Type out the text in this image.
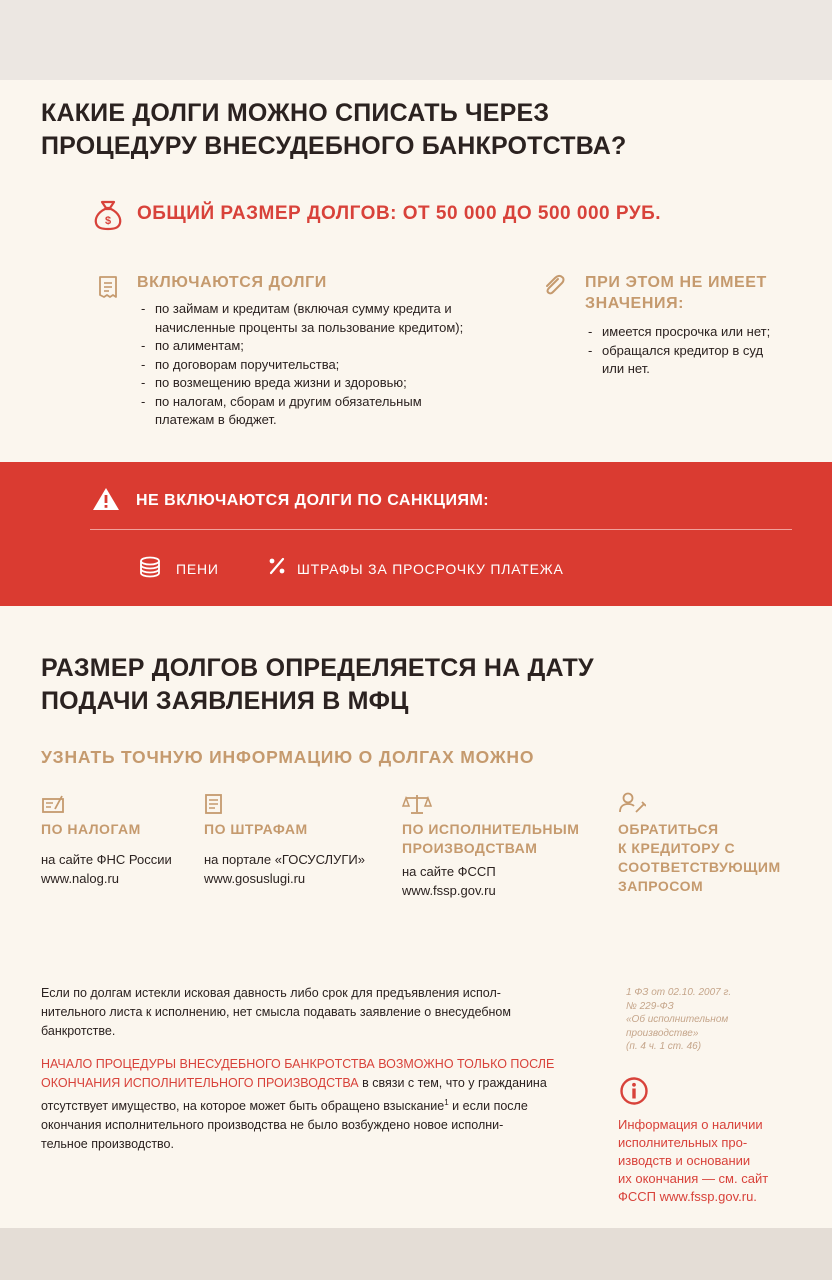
КАКИЕ ДОЛГИ МОЖНО СПИСАТЬ ЧЕРЕЗ
ПРОЦЕДУРУ ВНЕСУДЕБНОГО БАНКРОТСТВА?
$ ОБЩИЙ РАЗМЕР ДОЛГОВ: ОТ 50 000 ДО 500 000 РУБ.
ВКЛЮЧАЮТСЯ ДОЛГИ
- по займам и кредитам (включая сумму кредита и
начисленные проценты за пользование кредитом);
- по алиментам;
- по договорам поручительства;
- по возмещению вреда жизни и здоровью;
- по налогам, сборам и другим обязательным
платежам в бюджет.
ПРИ ЭТОМ НЕ ИМЕЕТ
ЗНАЧЕНИЯ:
- имеется просрочка или нет;
- обращался кредитор в суд
или нет.
НЕ ВКЛЮЧАЮТСЯ ДОЛГИ ПО САНКЦИЯМ:
ПЕНИ	ШТРАФЫ ЗА ПРОСРОЧКУ ПЛАТЕЖА
РАЗМЕР ДОЛГОВ ОПРЕДЕЛЯЕТСЯ НА ДАТУ
ПОДАЧИ ЗАЯВЛЕНИЯ В МФЦ
УЗНАТЬ ТОЧНУЮ ИНФОРМАЦИЮ О ДОЛГАХ МОЖНО
ПО НАЛОГАМ
на сайте ФНС России
www.nalog.ru
ПО ШТРАФАМ
на портале «ГОСУСЛУГИ»
www.gosuslugi.ru
ПО ИСПОЛНИТЕЛЬНЫМ
ПРОИЗВОДСТВАМ
на сайте ФССП
www.fssp.gov.ru
ОБРАТИТЬСЯ
К КРЕДИТОРУ С
СООТВЕТСТВУЮЩИМ
ЗАПРОСОМ
Если по долгам истекли исковая давность либо срок для предъявления испол-
нительного листа к исполнению, нет смысла подавать заявление о внесудебном
банкротстве.
НАЧАЛО ПРОЦЕДУРЫ ВНЕСУДЕБНОГО БАНКРОТСТВА ВОЗМОЖНО ТОЛЬКО ПОСЛЕ
ОКОНЧАНИЯ ИСПОЛНИТЕЛЬНОГО ПРОИЗВОДСТВА в связи с тем, что у гражданина
отсутствует имущество, на которое может быть обращено взыскание$^1$ и если после
окончания исполнительного производства не было возбуждено новое исполни-
тельное производство.
1 ФЗ от 02.10. 2007 г.
№ 229-ФЗ
«Об исполнительном
производстве»
(п. 4 ч. 1 ст. 46)
Информация о наличии
исполнительных про-
изводств и основании
их окончания — см. сайт
ФССП www.fssp.gov.ru.
